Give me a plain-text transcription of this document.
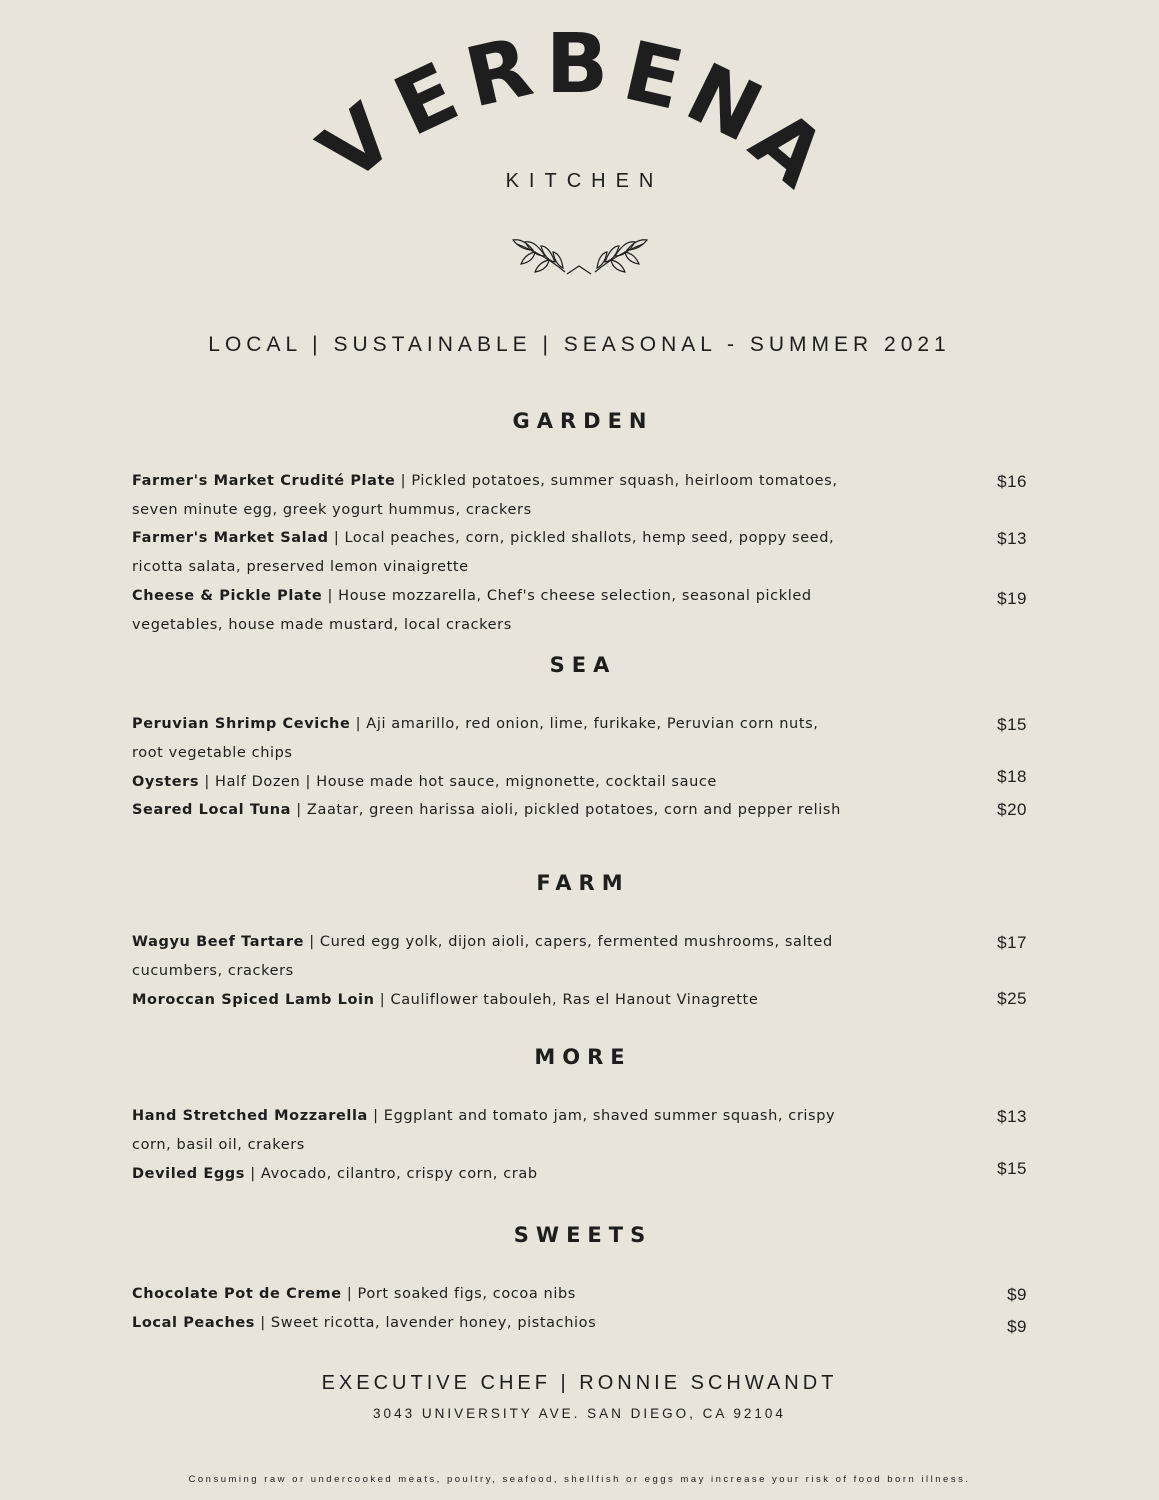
V
E
R B E
N
A
KITCHEN
LOCAL | SUSTAINABLE | SEASONAL - SUMMER 2021
GARDEN
Farmer's Market Crudité Plate | Pickled potatoes, summer squash, heirloom tomatoes, seven minute egg, greek yogurt hummus, crackers
$16
Farmer's Market Salad | Local peaches, corn, pickled shallots, hemp seed, poppy seed, ricotta salata, preserved lemon vinaigrette
$13
Cheese & Pickle Plate | House mozzarella, Chef's cheese selection, seasonal pickled vegetables, house made mustard, local crackers
$19
SEA
Peruvian Shrimp Ceviche | Aji amarillo, red onion, lime, furikake, Peruvian corn nuts, root vegetable chips
$15
Oysters | Half Dozen | House made hot sauce, mignonette, cocktail sauce	$18
Seared Local Tuna | Zaatar, green harissa aioli, pickled potatoes, corn and pepper relish	$20
FARM
Wagyu Beef Tartare | Cured egg yolk, dijon aioli, capers, fermented mushrooms, salted cucumbers, crackers
$17
Moroccan Spiced Lamb Loin | Cauliflower tabouleh, Ras el Hanout Vinagrette	$25
MORE
Hand Stretched Mozzarella | Eggplant and tomato jam, shaved summer squash, crispy corn, basil oil, crakers
$13
Deviled Eggs | Avocado, cilantro, crispy corn, crab	$15
SWEETS
Chocolate Pot de Creme | Port soaked figs, cocoa nibs	$9
Local Peaches | Sweet ricotta, lavender honey, pistachios	$9
EXECUTIVE CHEF | RONNIE SCHWANDT
3043 UNIVERSITY AVE. SAN DIEGO, CA 92104
Consuming raw or undercooked meats, poultry, seafood, shellfish or eggs may increase your risk of food born illness.
